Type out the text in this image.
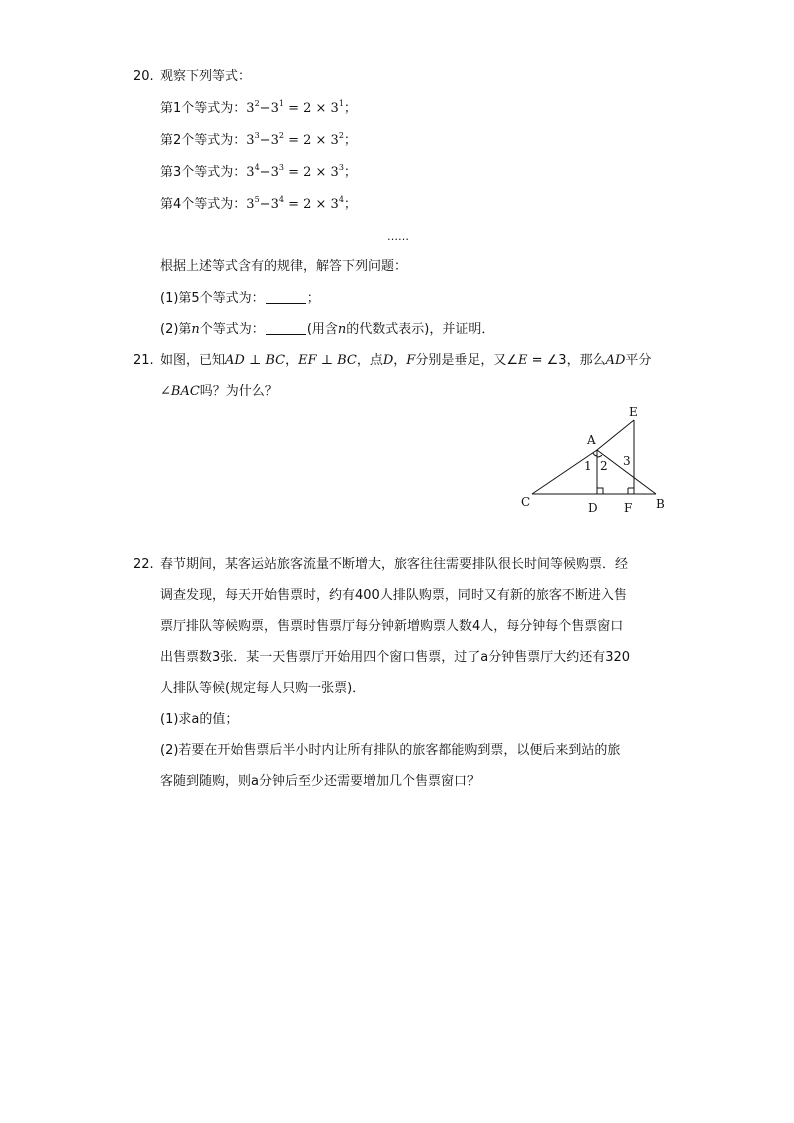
20. 观察下列等式：
第1个等式为：$3^2-3^1 = 2 \times 3^1$；
第2个等式为：$3^3-3^2 = 2 \times 3^2$；
第3个等式为：$3^4-3^3 = 2 \times 3^3$；
第4个等式为：$3^5-3^4 = 2 \times 3^4$；
……
根据上述等式含有的规律，解答下列问题：
(1)第5个等式为：	；
(2)第n个等式为：	(用含n的代数式表示)，并证明．
21. 如图，已知AD ⊥ BC，EF ⊥ BC，点D，F分别是垂足，又∠E = ∠3，那么AD平分
∠BAC吗？为什么？
C
A
E
B
D F
1 2 3
22. 春节期间，某客运站旅客流量不断增大，旅客往往需要排队很长时间等候购票．经
调查发现，每天开始售票时，约有400人排队购票，同时又有新的旅客不断进入售
票厅排队等候购票，售票时售票厅每分钟新增购票人数4人，每分钟每个售票窗口
出售票数3张．某一天售票厅开始用四个窗口售票，过了a分钟售票厅大约还有320
人排队等候(规定每人只购一张票)．
(1)求a的值；
(2)若要在开始售票后半小时内让所有排队的旅客都能购到票，以便后来到站的旅
客随到随购，则a分钟后至少还需要增加几个售票窗口？
